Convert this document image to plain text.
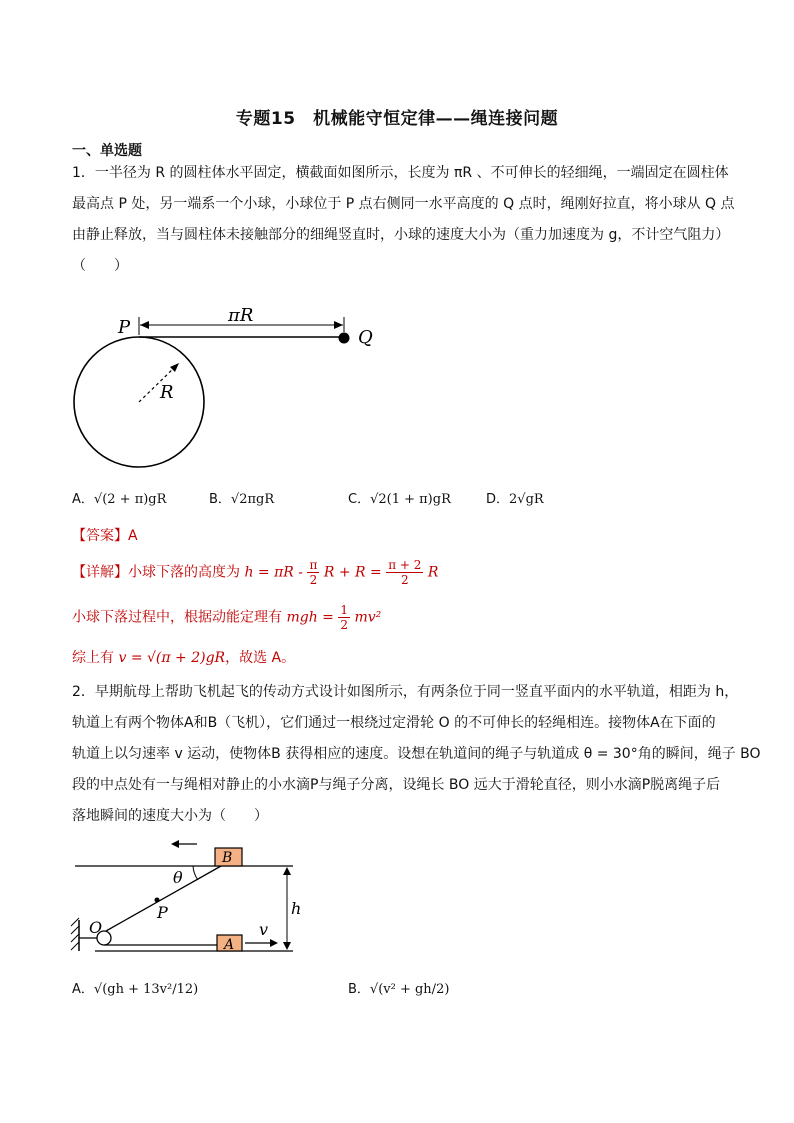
专题15　机械能守恒定律——绳连接问题
一、单选题

1．一半径为 R 的圆柱体水平固定，横截面如图所示，长度为 πR 、不可伸长的轻细绳，一端固定在圆柱体

最高点 P 处，另一端系一个小球，小球位于 P 点右侧同一水平高度的 Q 点时，绳刚好拉直，将小球从 Q 点

由静止释放，当与圆柱体未接触部分的细绳竖直时，小球的速度大小为（重力加速度为 g，不计空气阻力）

（　　）

P	Q
πR
R
A．√(2 + π)gR	B．√2πgR	C．√2(1 + π)gR	D．2√gR
【答案】A
【详解】小球下落的高度为 $h = \pi R - \frac{\pi}{2}$ $R + R = \frac{\pi + 2}{2}$ R
小球下落过程中，根据动能定理有 mgh = $\frac{1}{2} mv^2$
综上有 v = √(π + 2)gR，故选 A。

2．早期航母上帮助飞机起飞的传动方式设计如图所示，有两条位于同一竖直平面内的水平轨道，相距为 h，

轨道上有两个物体A和B（飞机），它们通过一根绕过定滑轮 O 的不可伸长的轻绳相连。接物体A在下面的

轨道上以匀速率 v 运动，使物体B 获得相应的速度。设想在轨道间的绳子与轨道成 θ = 30°角的瞬间，绳子 BO

段的中点处有一与绳相对静止的小水滴P与绳子分离，设绳长 BO 远大于滑轮直径，则小水滴P脱离绳子后

落地瞬间的速度大小为（　　）

B
A
O
P
θ
h
v
A．√(gh + 13v²/12)	B．√(v² + gh/2)
